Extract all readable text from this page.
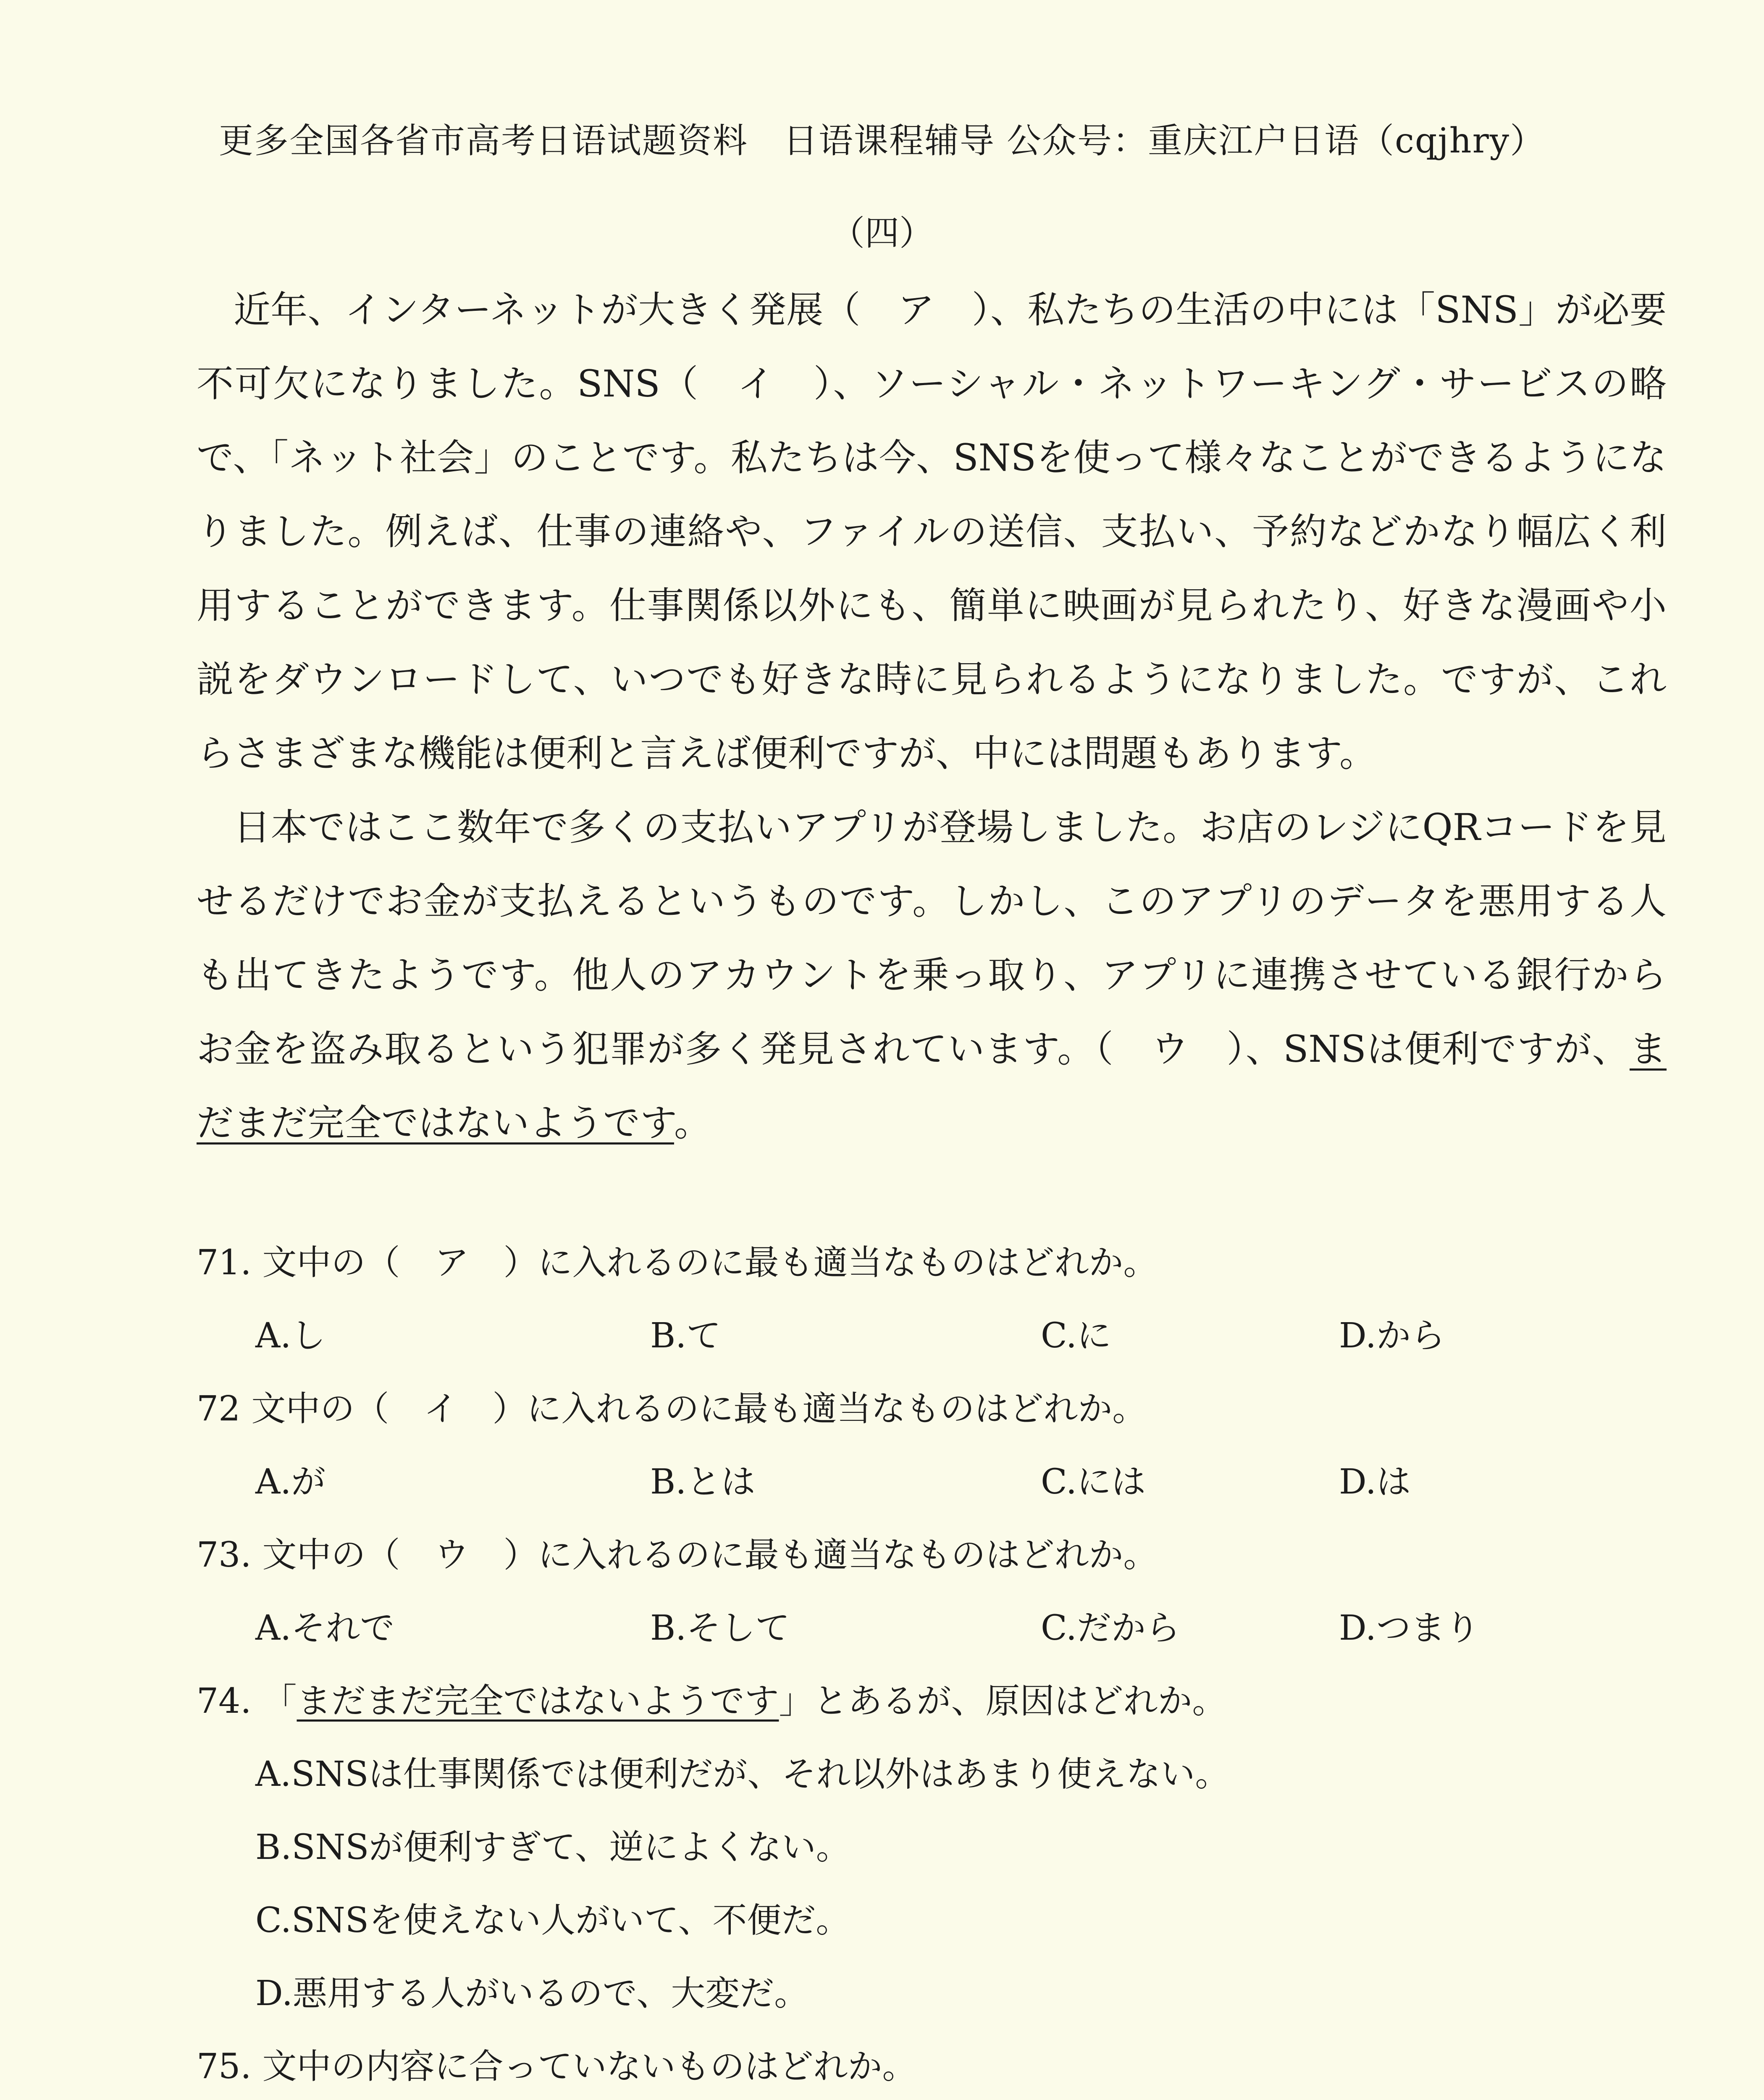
更多全国各省市高考日语试题资料　日语课程辅导 公众号：重庆江户日语（cqjhry）
（四）

近年、インターネットが大きく発展（　ア　）、私たちの生活の中には「SNS」が必要不可欠になりました。SNS（　イ　）、ソーシャル・ネットワーキング・サービスの略で、「ネット社会」のことです。私たちは今、SNSを使って様々なことができるようになりました。例えば、仕事の連絡や、ファイルの送信、支払い、予約などかなり幅広く利用することができます。仕事関係以外にも、簡単に映画が見られたり、好きな漫画や小説をダウンロードして、いつでも好きな時に見られるようになりました。ですが、これらさまざまな機能は便利と言えば便利ですが、中には問題もあります。

日本ではここ数年で多くの支払いアプリが登場しました。お店のレジにQRコードを見せるだけでお金が支払えるというものです。しかし、このアプリのデータを悪用する人も出てきたようです。他人のアカウントを乗っ取り、アプリに連携させている銀行からお金を盗み取るという犯罪が多く発見されています。（　ウ　）、SNSは便利ですが、まだまだ完全ではないようです。

71. 文中の（　ア　）に入れるのに最も適当なものはどれか。
A.し	B.て	C.に	D.から
72 文中の（　イ　）に入れるのに最も適当なものはどれか。
A.が	B.とは	C.には	D.は
73. 文中の（　ウ　）に入れるのに最も適当なものはどれか。
A.それで	B.そして	C.だから	D.つまり
74. 「まだまだ完全ではないようです」とあるが、原因はどれか。
A.SNSは仕事関係では便利だが、それ以外はあまり使えない。
B.SNSが便利すぎて、逆によくない。
C.SNSを使えない人がいて、不便だ。
D.悪用する人がいるので、大変だ。
75. 文中の内容に合っていないものはどれか。
